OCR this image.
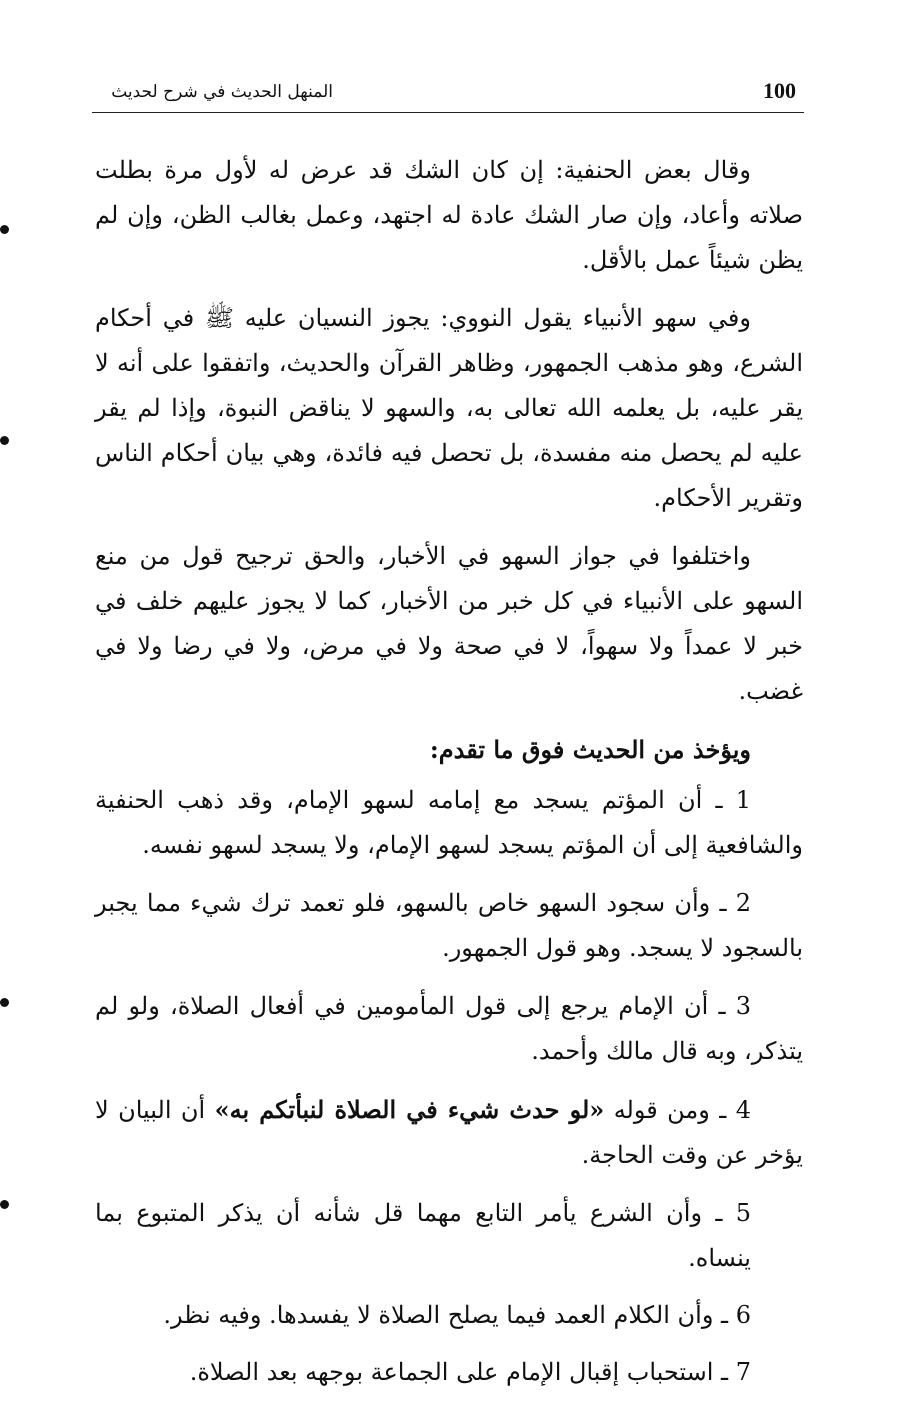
100
المنهل الحديث في شرح لحديث

وقال بعض الحنفية: إن كان الشك قد عرض له لأول مرة بطلت صلاته وأعاد، وإن صار الشك عادة له اجتهد، وعمل بغالب الظن، وإن لم يظن شيئاً عمل بالأقل.

وفي سهو الأنبياء يقول النووي: يجوز النسيان عليه ﷺ في أحكام الشرع، وهو مذهب الجمهور، وظاهر القرآن والحديث، واتفقوا على أنه لا يقر عليه، بل يعلمه الله تعالى به، والسهو لا يناقض النبوة، وإذا لم يقر عليه لم يحصل منه مفسدة، بل تحصل فيه فائدة، وهي بيان أحكام الناس وتقرير الأحكام.

واختلفوا في جواز السهو في الأخبار، والحق ترجيح قول من منع السهو على الأنبياء في كل خبر من الأخبار، كما لا يجوز عليهم خلف في خبر لا عمداً ولا سهواً، لا في صحة ولا في مرض، ولا في رضا ولا في غضب.

ويؤخذ من الحديث فوق ما تقدم:

1 ـ أن المؤتم يسجد مع إمامه لسهو الإمام، وقد ذهب الحنفية والشافعية إلى أن المؤتم يسجد لسهو الإمام، ولا يسجد لسهو نفسه.

2 ـ وأن سجود السهو خاص بالسهو، فلو تعمد ترك شيء مما يجبر بالسجود لا يسجد. وهو قول الجمهور.

3 ـ أن الإمام يرجع إلى قول المأمومين في أفعال الصلاة، ولو لم يتذكر، وبه قال مالك وأحمد.

4 ـ ومن قوله «لو حدث شيء في الصلاة لنبأتكم به» أن البيان لا يؤخر عن وقت الحاجة.

5 ـ وأن الشرع يأمر التابع مهما قل شأنه أن يذكر المتبوع بما ينساه.

6 ـ وأن الكلام العمد فيما يصلح الصلاة لا يفسدها. وفيه نظر.

7 ـ استحباب إقبال الإمام على الجماعة بوجهه بعد الصلاة.
